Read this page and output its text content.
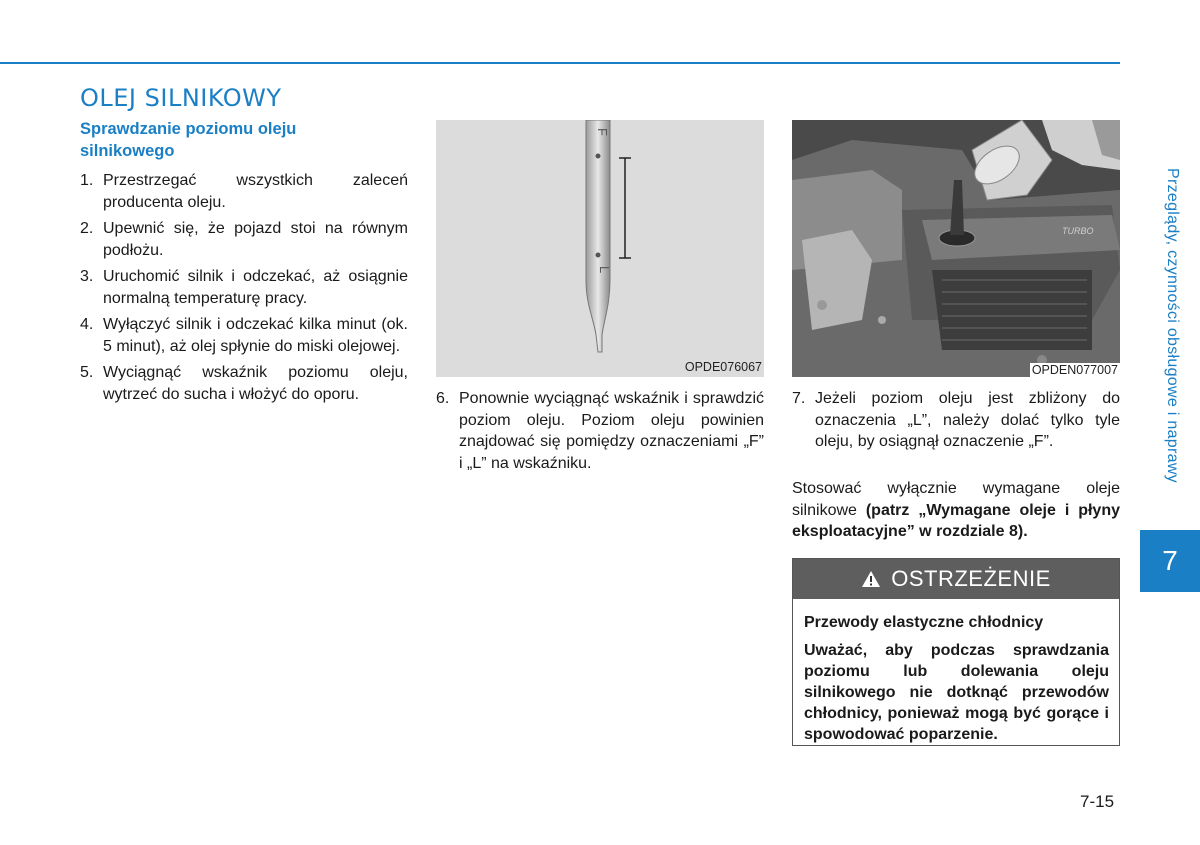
OLEJ SILNIKOWY
Sprawdzanie poziomu oleju
silnikowego
1. Przestrzegać wszystkich zaleceń producenta oleju.
2. Upewnić się, że pojazd stoi na równym podłożu.
3. Uruchomić silnik i odczekać, aż osiągnie normalną temperaturę pracy.
4. Wyłączyć silnik i odczekać kilka minut (ok. 5 minut), aż olej spłynie do miski olejowej.
5. Wyciągnąć wskaźnik poziomu oleju, wytrzeć do sucha i włożyć do oporu.
F
L
OPDE076067
TURBO
OPDEN077007
6. Ponownie wyciągnąć wskaźnik i sprawdzić poziom oleju. Poziom oleju powinien znajdować się pomiędzy oznaczeniami „F” i „L” na wskaźniku.
7. Jeżeli poziom oleju jest zbliżony do oznaczenia „L”, należy dolać tylko tyle oleju, by osiągnął oznaczenie „F”.

Stosować wyłącznie wymagane oleje silnikowe (patrz „Wymagane oleje i płyny eksploatacyjne” w rozdziale 8).

OSTRZEŻENIE
Przewody elastyczne chłodnicy
Uważać, aby podczas sprawdzania poziomu lub dolewania oleju silnikowego nie dotknąć przewodów chłodnicy, ponieważ mogą być gorące i spowodować poparzenie.
Przeglądy, czynności obsługowe i naprawy
7
7-15
